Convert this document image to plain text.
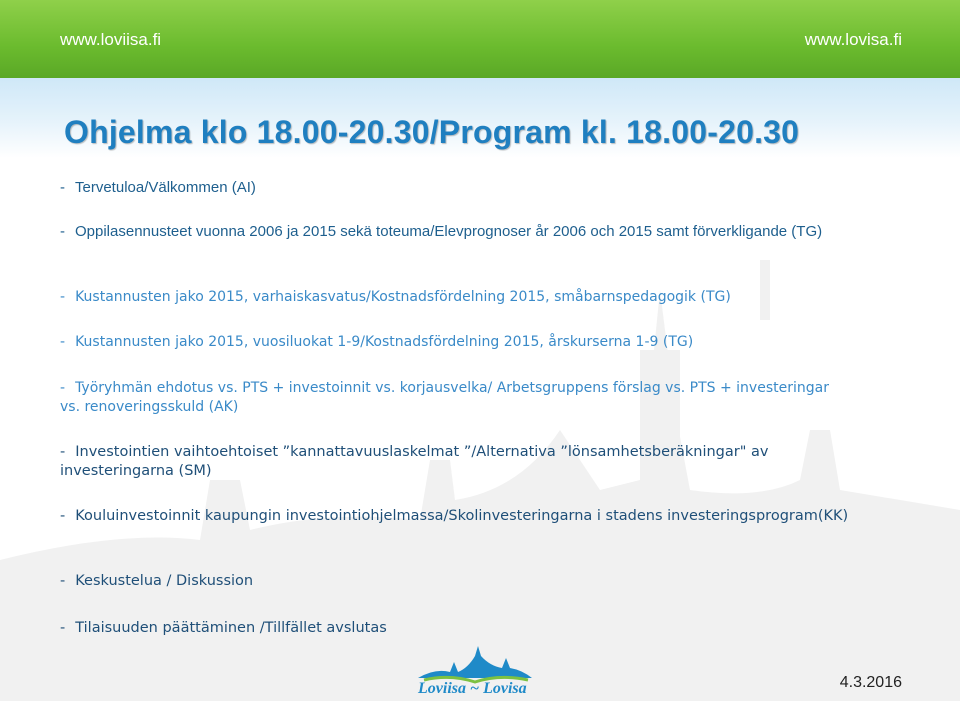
www.loviisa.fi	www.lovisa.fi
Ohjelma klo 18.00-20.30/Program kl. 18.00-20.30
- Tervetuloa/Välkommen (AI)
- Oppilasennusteet vuonna 2006 ja 2015 sekä toteuma/Elevprognoser år 2006 och 2015 samt förverkligande (TG)
- Kustannusten jako 2015, varhaiskasvatus/Kostnadsfördelning 2015, småbarnspedagogik (TG)
- Kustannusten jako 2015, vuosiluokat 1-9/Kostnadsfördelning 2015, årskurserna 1-9 (TG)
- Työryhmän ehdotus vs. PTS + investoinnit vs. korjausvelka/ Arbetsgruppens förslag vs. PTS + investeringar vs. renoveringsskuld (AK)
- Investointien vaihtoehtoiset ”kannattavuuslaskelmat ”/Alternativa ”lönsamhetsberäkningar" av investeringarna (SM)
- Kouluinvestoinnit kaupungin investointiohjelmassa/Skolinvesteringarna i stadens investeringsprogram(KK)
- Keskustelua / Diskussion
- Tilaisuuden päättäminen /Tillfället avslutas
Loviisa ~ Lovisa	4.3.2016
